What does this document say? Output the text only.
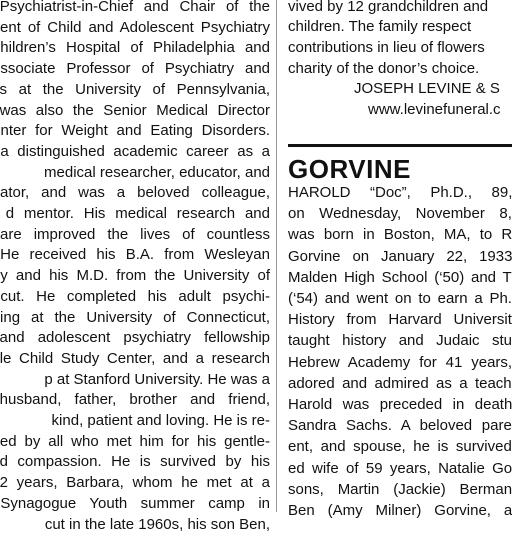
Psychiatrist-in-Chief and Chair of the
ent of Child and Adolescent Psychiatry
hildren’s Hospital of Philadelphia and
ssociate Professor of Psychiatry and
s at the University of Pennsylvania,
was also the Senior Medical Director
nter for Weight and Eating Disorders.
a distinguished academic career as a
medical researcher, educator, and
ator, and was a beloved colleague,
d mentor. His medical research and
are improved the lives of countless
He received his B.A. from Wesleyan
y and his M.D. from the University of
cut. He completed his adult psychi-
ing at the University of Connecticut,
and adolescent psychiatry fellowship
le Child Study Center, and a research
p at Stanford University. He was a
husband, father, brother and friend,
kind, patient and loving. He is re-
ed by all who met him for his gentle-
d compassion. He is survived by his
2 years, Barbara, whom he met at a
Synagogue Youth summer camp in
cut in the late 1960s, his son Ben,
vived by 12 grandchildren and
children. The family respect
contributions in lieu of flowers
charity of the donor’s choice.
JOSEPH LEVINE & S
www.levinefuneral.c
GORVINE
HAROLD “Doc”, Ph.D., 89,
on Wednesday, November 8,
was born in Boston, MA, to R
Gorvine on January 22, 1933
Malden High School (‘50) and T
(‘54) and went on to earn a Ph.
History from Harvard Universit
taught history and Judaic stu
Hebrew Academy for 41 years,
adored and admired as a teach
Harold was preceded in death
Sandra Sachs. A beloved pare
ent, and spouse, he is survived
ed wife of 59 years, Natalie Go
sons, Martin (Jackie) Berman
Ben (Amy Milner) Gorvine, a
